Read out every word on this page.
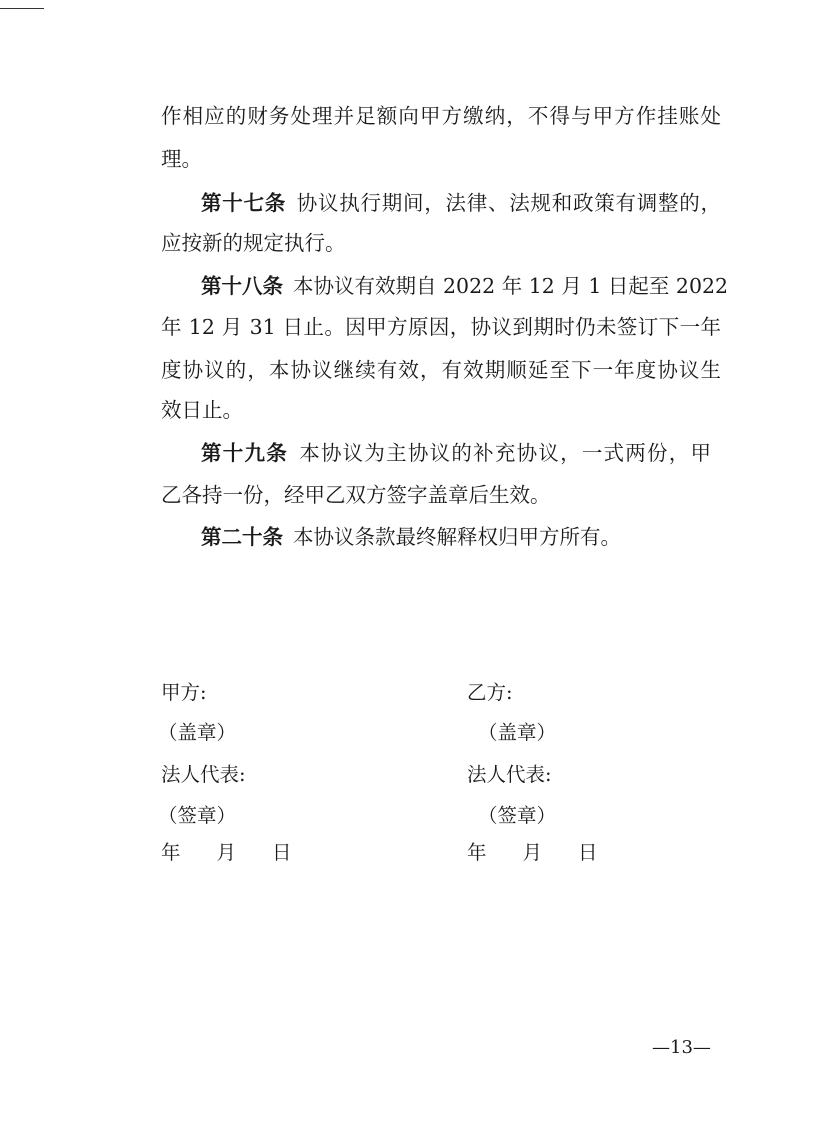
作相应的财务处理并足额向甲方缴纳，不得与甲方作挂账处
理。
第十七条 协议执行期间，法律、法规和政策有调整的，
应按新的规定执行。
第十八条 本协议有效期自 2022 年 12 月 1 日起至 2022
年 12 月 31 日止。因甲方原因，协议到期时仍未签订下一年
度协议的，本协议继续有效，有效期顺延至下一年度协议生
效日止。
第十九条 本协议为主协议的补充协议，一式两份，甲
乙各持一份，经甲乙双方签字盖章后生效。
第二十条 本协议条款最终解释权归甲方所有。
甲方:
（盖章）
法人代表:
（签章）
年 月 日
乙方:
（盖章）
法人代表:
（签章）
年 月 日
—13—
